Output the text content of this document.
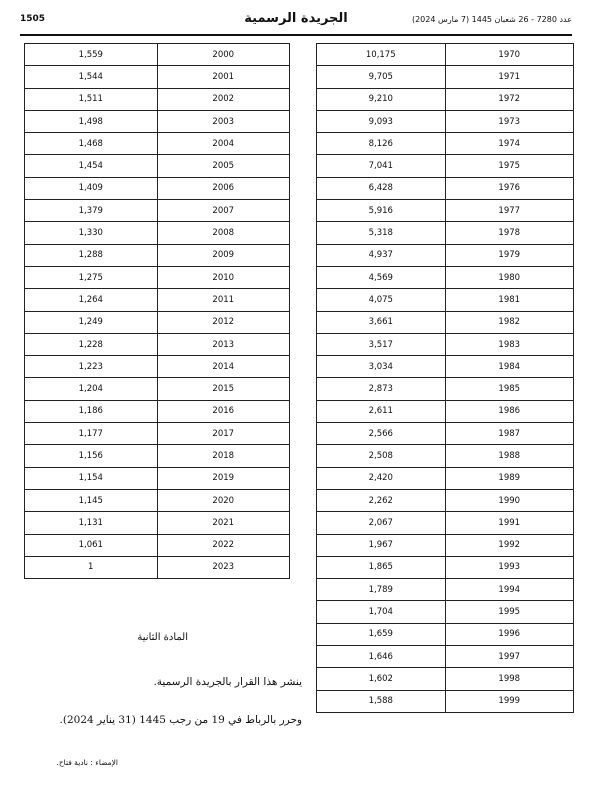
1505	الجريدة الرسمية	عدد 7280 - 26 شعبان 1445 (7 مارس 2024)
10,175	1970
9,705	1971
9,210	1972
9,093	1973
8,126	1974
7,041	1975
6,428	1976
5,916	1977
5,318	1978
4,937	1979
4,569	1980
4,075	1981
3,661	1982
3,517	1983
3,034	1984
2,873	1985
2,611	1986
2,566	1987
2,508	1988
2,420	1989
2,262	1990
2,067	1991
1,967	1992
1,865	1993
1,789	1994
1,704	1995
1,659	1996
1,646	1997
1,602	1998
1,588	1999
1,559	2000
1,544	2001
1,511	2002
1,498	2003
1,468	2004
1,454	2005
1,409	2006
1,379	2007
1,330	2008
1,288	2009
1,275	2010
1,264	2011
1,249	2012
1,228	2013
1,223	2014
1,204	2015
1,186	2016
1,177	2017
1,156	2018
1,154	2019
1,145	2020
1,131	2021
1,061	2022
1	2023
المادة الثانية
ينشر هذا القرار بالجريدة الرسمية.
وحرر بالرباط في 19 من رجب 1445 (31 يناير 2024).
الإمضاء : نادية فتاح.
